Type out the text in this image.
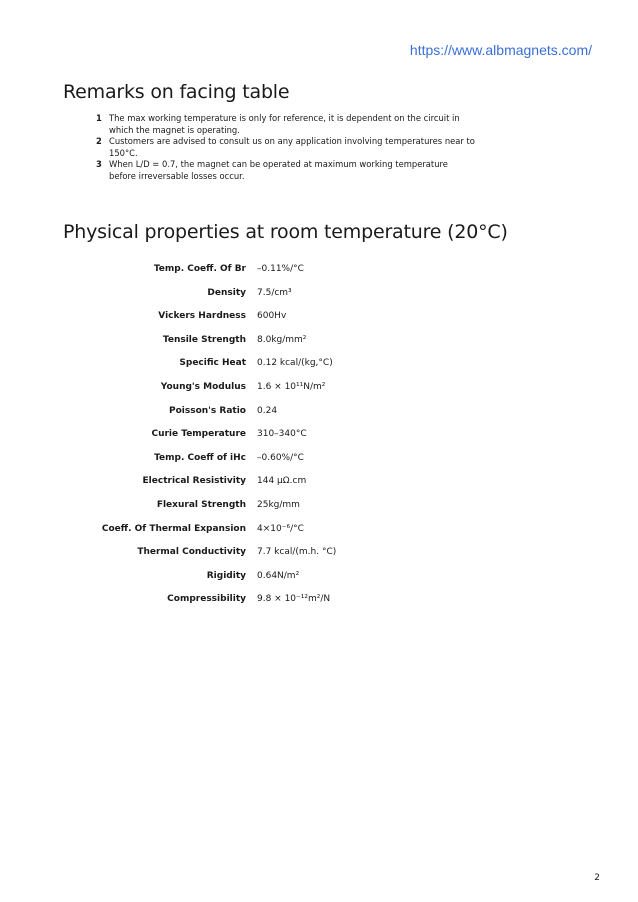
https://www.albmagnets.com/
Remarks on facing table
1 The max working temperature is only for reference, it is dependent on the circuit in which the magnet is operating.
2 Customers are advised to consult us on any application involving temperatures near to 150°C.
3 When L/D = 0.7, the magnet can be operated at maximum working temperature before irreversable losses occur.
Physical properties at room temperature (20°C)
Temp. Coeff. Of Br –0.11%/°C
Density 7.5/cm³
Vickers Hardness 600Hv
Tensile Strength 8.0kg/mm²
Specific Heat 0.12 kcal/(kg,°C)
Young's Modulus 1.6 × 10¹¹N/m²
Poisson's Ratio 0.24
Curie Temperature 310–340°C
Temp. Coeff of iHc –0.60%/°C
Electrical Resistivity 144 μΩ.cm
Flexural Strength 25kg/mm
Coeff. Of Thermal Expansion 4×10⁻⁶/°C
Thermal Conductivity 7.7 kcal/(m.h. °C)
Rigidity 0.64N/m²
Compressibility 9.8 × 10⁻¹²m²/N
2
